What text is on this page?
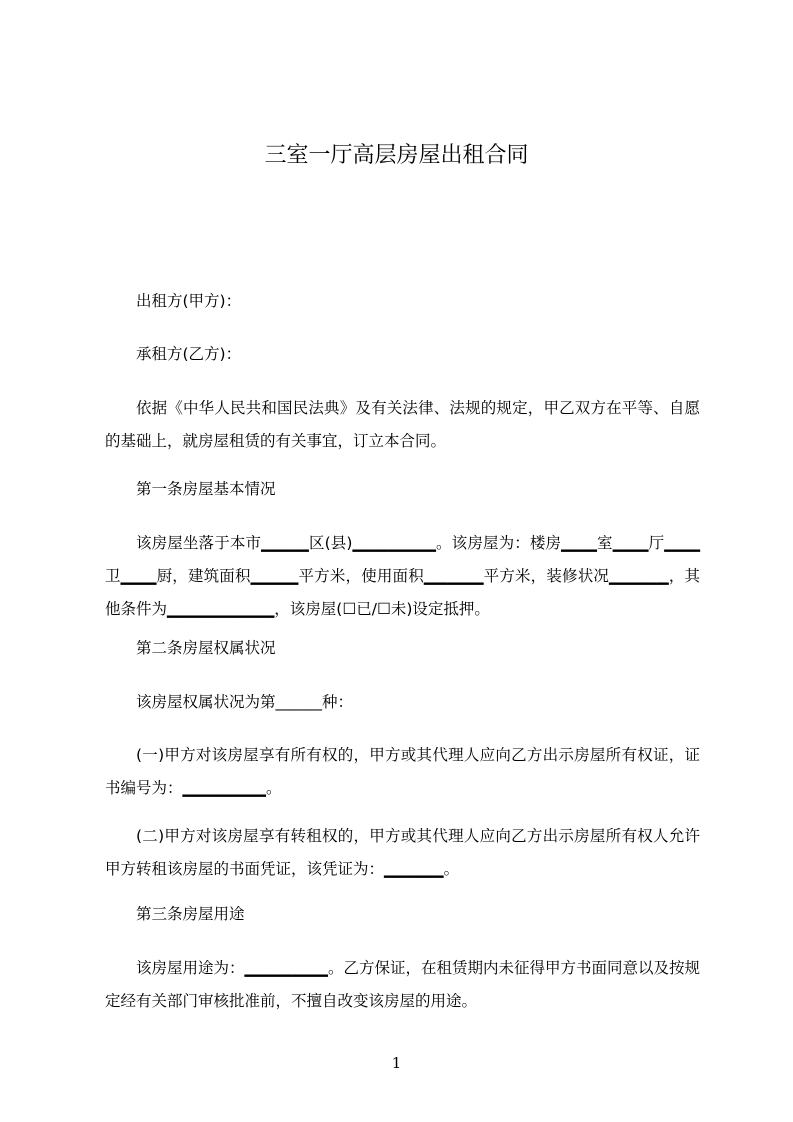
三室一厅高层房屋出租合同

出租方(甲方)：

承租方(乙方)：

依据《中华人民共和国民法典》及有关法律、法规的规定，甲乙双方在平等、自愿的基础上，就房屋租赁的有关事宜，订立本合同。

第一条房屋基本情况

该房屋坐落于本市▁▁▁▁区(县)▁▁▁▁▁▁▁。该房屋为：楼房▁▁▁室▁▁▁厅▁▁▁卫▁▁▁厨，建筑面积▁▁▁▁平方米，使用面积▁▁▁▁▁平方米，装修状况▁▁▁▁▁，其他条件为▁▁▁▁▁▁▁▁▁，该房屋(☐已/☐未)设定抵押。

第二条房屋权属状况

该房屋权属状况为第______种：

(一)甲方对该房屋享有所有权的，甲方或其代理人应向乙方出示房屋所有权证，证书编号为：▁▁▁▁▁▁▁。

(二)甲方对该房屋享有转租权的，甲方或其代理人应向乙方出示房屋所有权人允许甲方转租该房屋的书面凭证，该凭证为：▁▁▁▁▁。

第三条房屋用途

该房屋用途为：▁▁▁▁▁▁▁。乙方保证，在租赁期内未征得甲方书面同意以及按规定经有关部门审核批准前，不擅自改变该房屋的用途。

1
